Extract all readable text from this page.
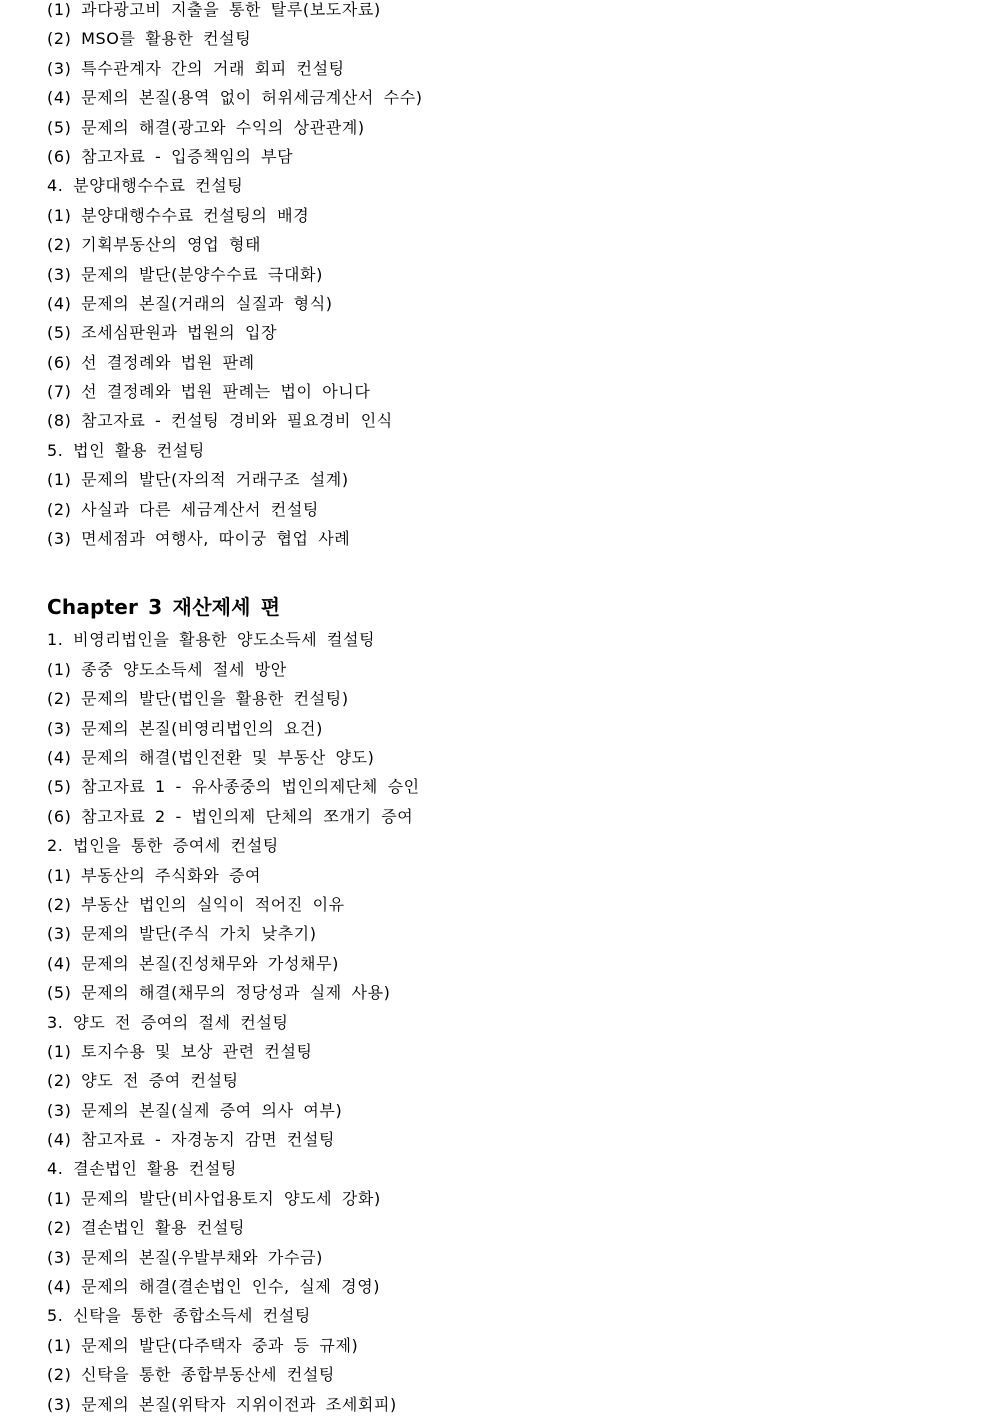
(1) 과다광고비 지출을 통한 탈루(보도자료)
(2) MSO를 활용한 컨설팅
(3) 특수관계자 간의 거래 회피 컨설팅
(4) 문제의 본질(용역 없이 허위세금계산서 수수)
(5) 문제의 해결(광고와 수익의 상관관계)
(6) 참고자료 - 입증책임의 부담
4. 분양대행수수료 컨설팅
(1) 분양대행수수료 컨설팅의 배경
(2) 기획부동산의 영업 형태
(3) 문제의 발단(분양수수료 극대화)
(4) 문제의 본질(거래의 실질과 형식)
(5) 조세심판원과 법원의 입장
(6) 선 결정례와 법원 판례
(7) 선 결정례와 법원 판례는 법이 아니다
(8) 참고자료 - 컨설팅 경비와 필요경비 인식
5. 법인 활용 컨설팅
(1) 문제의 발단(자의적 거래구조 설계)
(2) 사실과 다른 세금계산서 컨설팅
(3) 면세점과 여행사, 따이궁 협업 사례
Chapter 3 재산제세 편
1. 비영리법인을 활용한 양도소득세 컬설팅
(1) 종중 양도소득세 절세 방안
(2) 문제의 발단(법인을 활용한 컨설팅)
(3) 문제의 본질(비영리법인의 요건)
(4) 문제의 해결(법인전환 및 부동산 양도)
(5) 참고자료 1 - 유사종중의 법인의제단체 승인
(6) 참고자료 2 - 법인의제 단체의 쪼개기 증여
2. 법인을 통한 증여세 컨설팅
(1) 부동산의 주식화와 증여
(2) 부동산 법인의 실익이 적어진 이유
(3) 문제의 발단(주식 가치 낮추기)
(4) 문제의 본질(진성채무와 가성채무)
(5) 문제의 해결(채무의 정당성과 실제 사용)
3. 양도 전 증여의 절세 컨설팅
(1) 토지수용 및 보상 관련 컨설팅
(2) 양도 전 증여 컨설팅
(3) 문제의 본질(실제 증여 의사 여부)
(4) 참고자료 - 자경농지 감면 컨설팅
4. 결손법인 활용 컨설팅
(1) 문제의 발단(비사업용토지 양도세 강화)
(2) 결손법인 활용 컨설팅
(3) 문제의 본질(우발부채와 가수금)
(4) 문제의 해결(결손법인 인수, 실제 경영)
5. 신탁을 통한 종합소득세 컨설팅
(1) 문제의 발단(다주택자 중과 등 규제)
(2) 신탁을 통한 종합부동산세 컨설팅
(3) 문제의 본질(위탁자 지위이전과 조세회피)
